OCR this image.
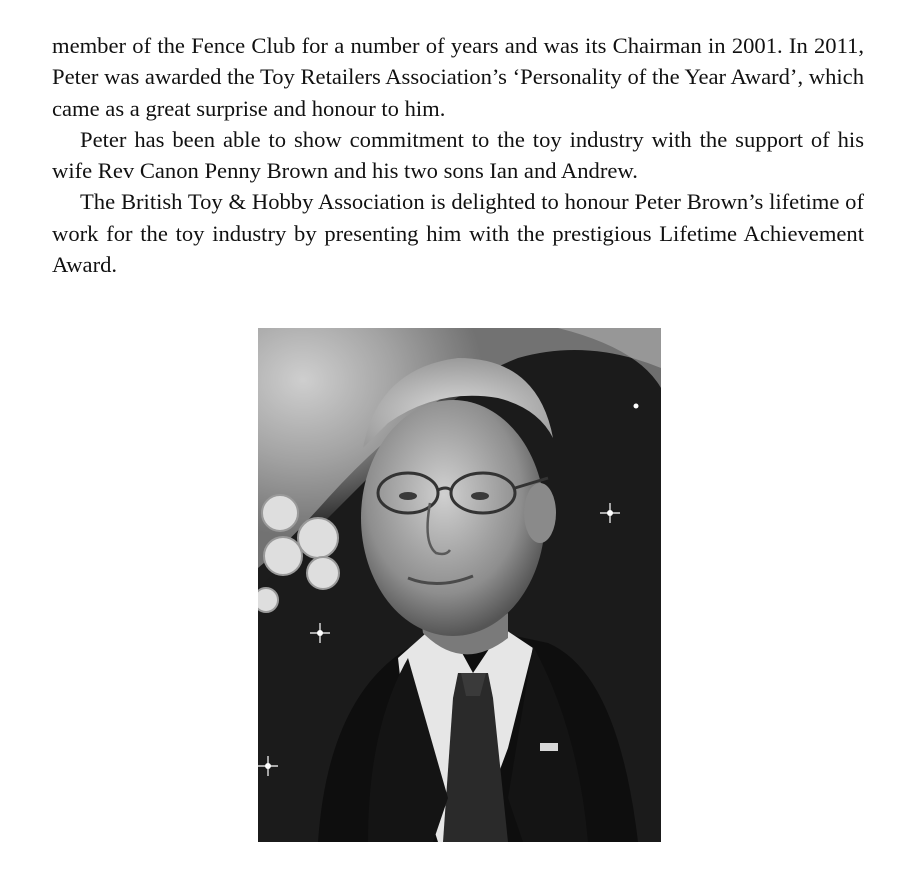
member of the Fence Club for a number of years and was its Chairman in 2001. In 2011, Peter was awarded the Toy Retailers Association’s ‘Personality of the Year Award’, which came as a great surprise and honour to him.

Peter has been able to show commitment to the toy industry with the support of his wife Rev Canon Penny Brown and his two sons Ian and Andrew.

The British Toy & Hobby Association is delighted to honour Peter Brown’s lifetime of work for the toy industry by presenting him with the prestigious Lifetime Achievement Award.
